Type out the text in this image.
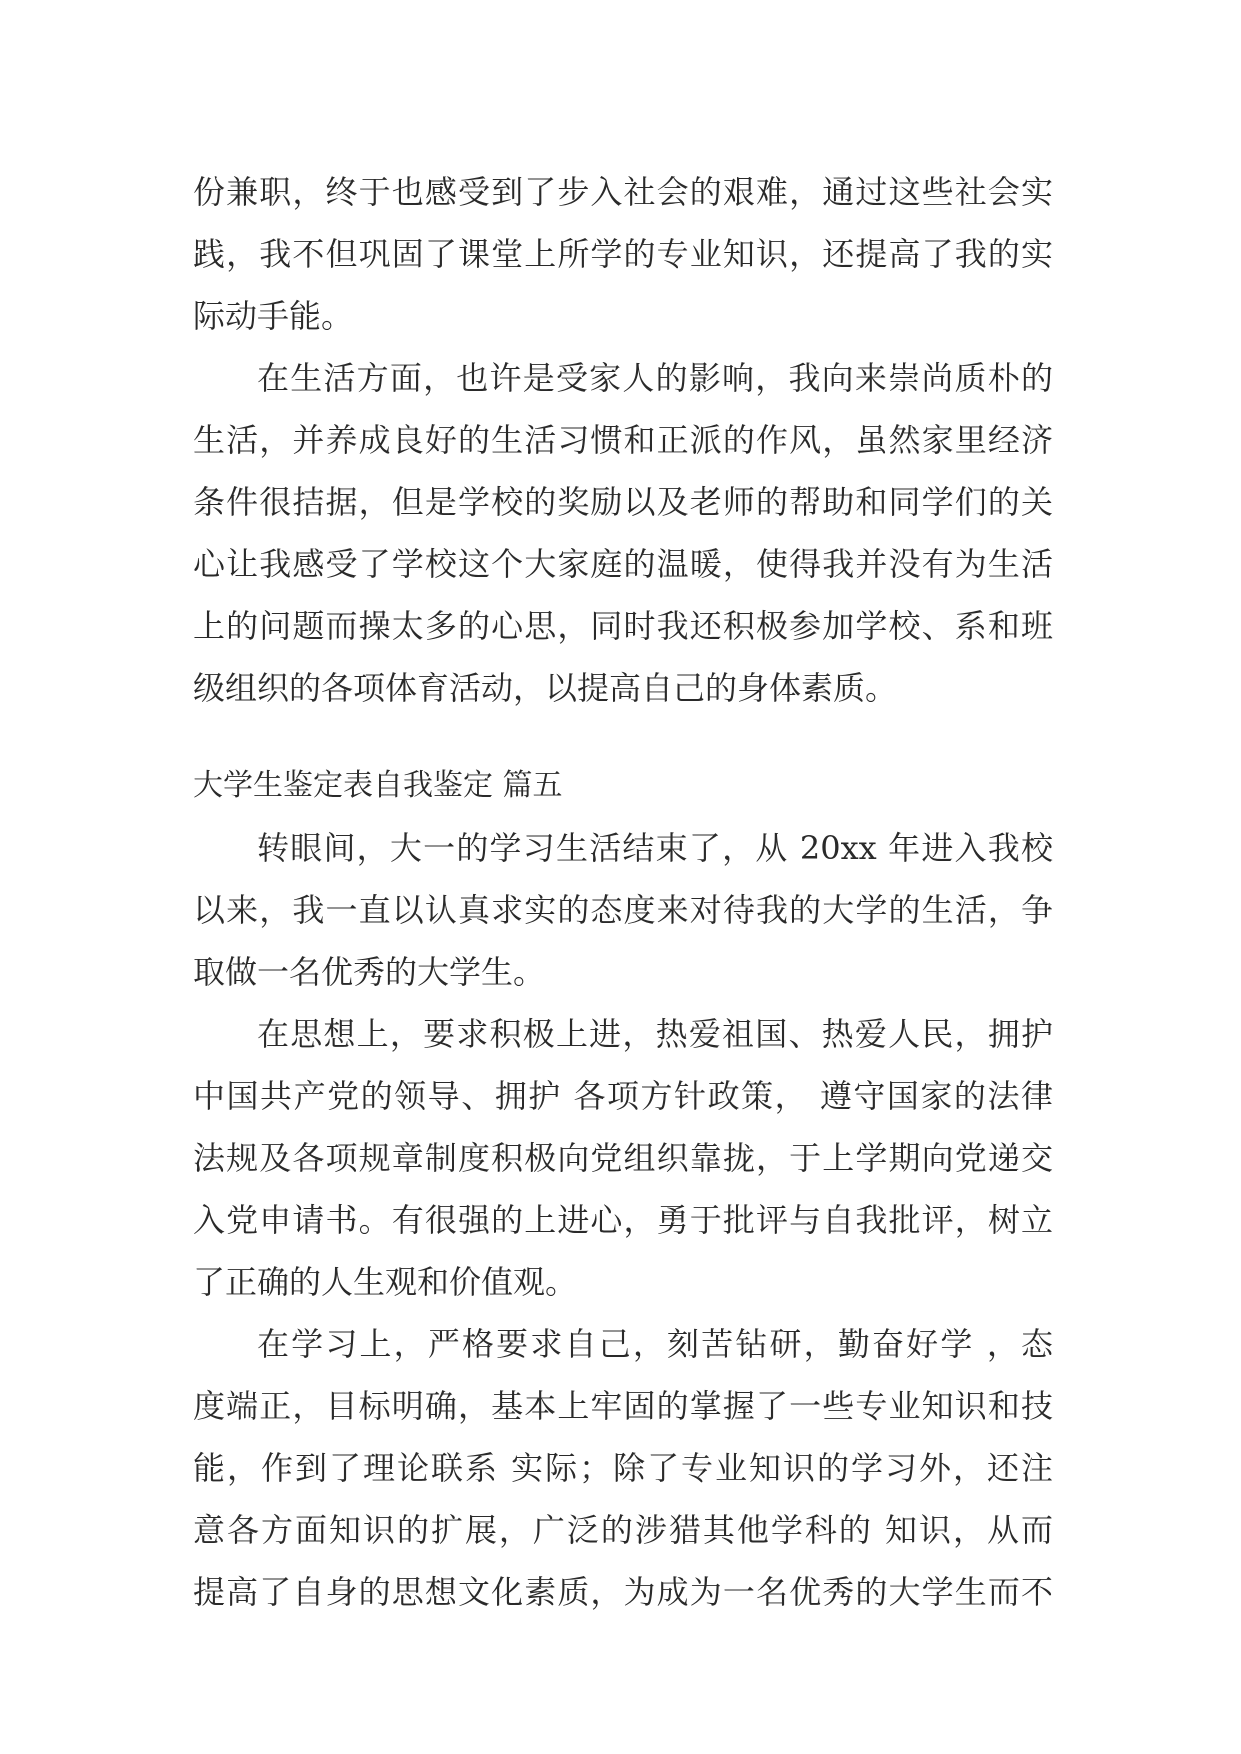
份兼职，终于也感受到了步入社会的艰难，通过这些社会实
践，我不但巩固了课堂上所学的专业知识，还提高了我的实
际动手能。
在生活方面，也许是受家人的影响，我向来崇尚质朴的
生活，并养成良好的生活习惯和正派的作风，虽然家里经济
条件很拮据，但是学校的奖励以及老师的帮助和同学们的关
心让我感受了学校这个大家庭的温暖，使得我并没有为生活
上的问题而操太多的心思，同时我还积极参加学校、系和班
级组织的各项体育活动，以提高自己的身体素质。
大学生鉴定表自我鉴定 篇五
转眼间，大一的学习生活结束了，从 20xx 年进入我校
以来，我一直以认真求实的态度来对待我的大学的生活，争
取做一名优秀的大学生。
在思想上，要求积极上进，热爱祖国、热爱人民，拥护
中国共产党的领导、拥护 各项方针政策， 遵守国家的法律
法规及各项规章制度积极向党组织靠拢，于上学期向党递交
入党申请书。有很强的上进心，勇于批评与自我批评，树立
了正确的人生观和价值观。
在学习上，严格要求自己，刻苦钻研，勤奋好学 ，态
度端正，目标明确，基本上牢固的掌握了一些专业知识和技
能，作到了理论联系 实际；除了专业知识的学习外，还注
意各方面知识的扩展，广泛的涉猎其他学科的 知识，从而
提高了自身的思想文化素质，为成为一名优秀的大学生而不
